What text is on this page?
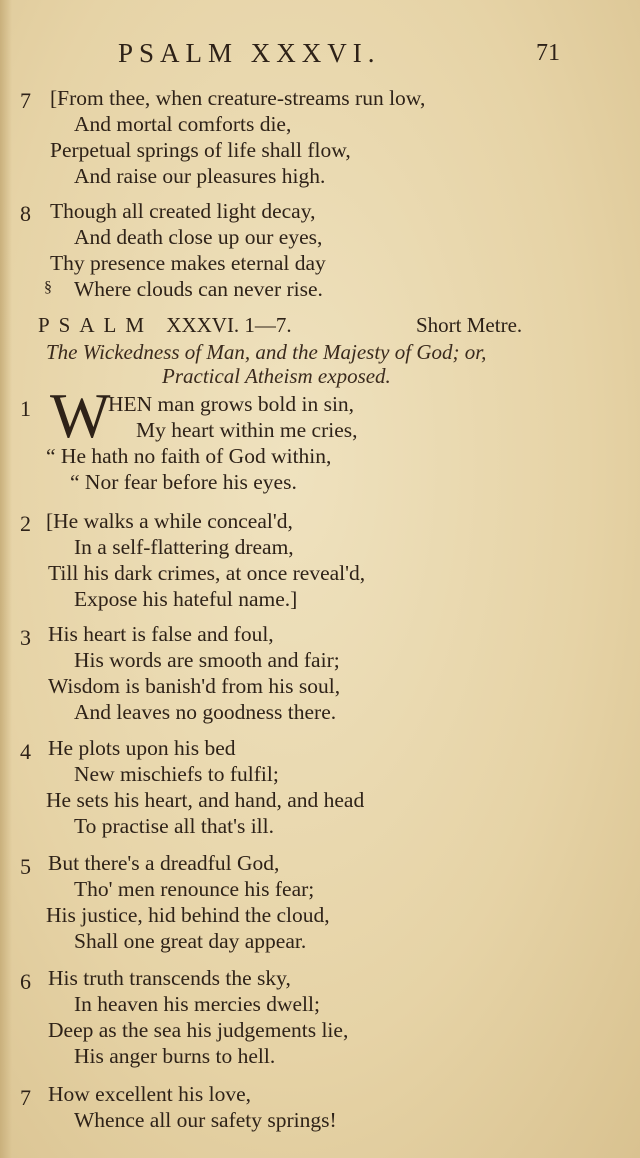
PSALM XXXVI.	71
7 [From thee, when creature-streams run low,
And mortal comforts die,
Perpetual springs of life shall flow,
And raise our pleasures high.
8 Though all created light decay,
And death close up our eyes,
Thy presence makes eternal day
§ Where clouds can never rise.
PSALM XXXVI. 1—7.	Short Metre.
The Wickedness of Man, and the Majesty of God; or,
Practical Atheism exposed.
1 W
HEN man grows bold in sin,
My heart within me cries,
“ He hath no faith of God within,
“ Nor fear before his eyes.
2 [He walks a while conceal'd,
In a self-flattering dream,
Till his dark crimes, at once reveal'd,
Expose his hateful name.]
3 His heart is false and foul,
His words are smooth and fair;
Wisdom is banish'd from his soul,
And leaves no goodness there.
4 He plots upon his bed
New mischiefs to fulfil;
He sets his heart, and hand, and head
To practise all that's ill.
5 But there's a dreadful God,
Tho' men renounce his fear;
His justice, hid behind the cloud,
Shall one great day appear.
6 His truth transcends the sky,
In heaven his mercies dwell;
Deep as the sea his judgements lie,
His anger burns to hell.
7 How excellent his love,
Whence all our safety springs!
